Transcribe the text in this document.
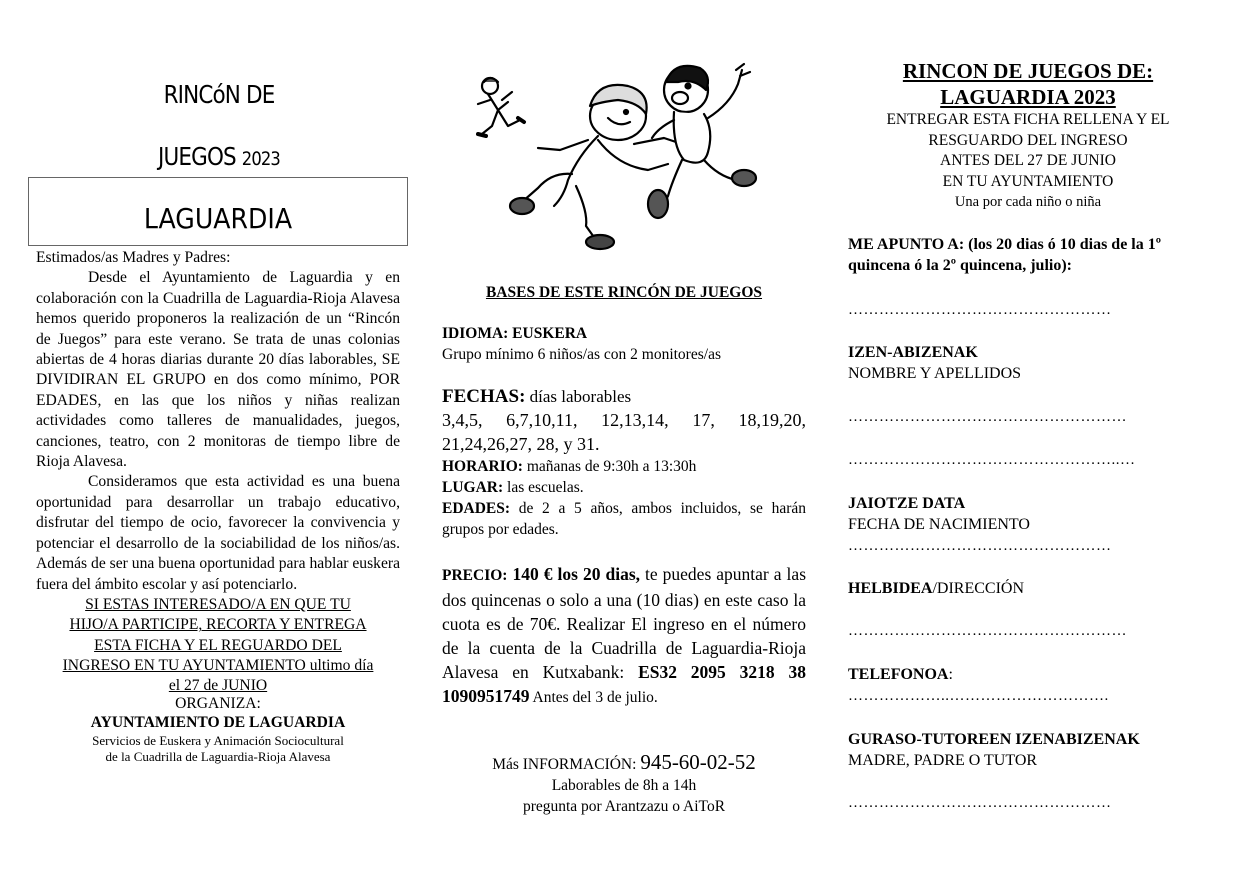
RINCóN DE
JUEGOS 2023
LAGUARDIA

Estimados/as Madres y Padres:

Desde el Ayuntamiento de Laguardia y en colaboración con la Cuadrilla de Laguardia-Rioja Alavesa hemos querido proponeros la realización de un “Rincón de Juegos” para este verano. Se trata de unas colonias abiertas de 4 horas diarias durante 20 días laborables, SE DIVIDIRAN EL GRUPO en dos como mínimo, POR EDADES, en las que los niños y niñas realizan actividades como talleres de manualidades, juegos, canciones, teatro, con 2 monitoras de tiempo libre de Rioja Alavesa.

Consideramos que esta actividad es una buena oportunidad para desarrollar un trabajo educativo, disfrutar del tiempo de ocio, favorecer la convivencia y potenciar el desarrollo de la sociabilidad de los niños/as. Además de ser una buena oportunidad para hablar euskera fuera del ámbito escolar y así potenciarlo.

SI ESTAS INTERESADO/A EN QUE TU

HIJO/A PARTICIPE, RECORTA Y ENTREGA

ESTA FICHA Y EL REGUARDO DEL

INGRESO EN TU AYUNTAMIENTO ultimo día

el 27 de JUNIO

ORGANIZA:

AYUNTAMIENTO DE LAGUARDIA

Servicios de Euskera y Animación Sociocultural

de la Cuadrilla de Laguardia-Rioja Alavesa

BASES DE ESTE RINCÓN DE JUEGOS

IDIOMA: EUSKERA

Grupo mínimo 6 niños/as con 2 monitores/as

FECHAS: días laborables

3,4,5, 6,7,10,11, 12,13,14, 17, 18,19,20, 21,24,26,27, 28, y 31.

HORARIO: mañanas de 9:30h a 13:30h

LUGAR: las escuelas.

EDADES: de 2 a 5 años, ambos incluidos, se harán grupos por edades.

PRECIO: 140 € los 20 dias, te puedes apuntar a las dos quincenas o solo a una (10 dias) en este caso la cuota es de 70€. Realizar El ingreso en el número de la cuenta de la Cuadrilla de Laguardia-Rioja Alavesa en Kutxabank: ES32 2095 3218 38 1090951749 Antes del 3 de julio.

Más INFORMACIÓN: 945-60-02-52

Laborables de 8h a 14h

pregunta por Arantzazu o AiToR

RINCON DE JUEGOS DE:
LAGUARDIA 2023
ENTREGAR ESTA FICHA RELLENA Y EL
RESGUARDO DEL INGRESO
ANTES DEL 27 DE JUNIO
EN TU AYUNTAMIENTO
Una por cada niño o niña
ME APUNTO A: (los 20 dias ó 10 dias de la 1º quincena ó la 2º quincena, julio):
……………………………………………
IZEN-ABIZENAK
NOMBRE Y APELLIDOS
………………………………………………
……………………………………………..…
JAIOTZE DATA
FECHA DE NACIMIENTO
……………………………………………
HELBIDEA/DIRECCIÓN
………………………………………………
TELEFONOA:
………………..………………………….
GURASO-TUTOREEN IZENABIZENAK
MADRE, PADRE O TUTOR
……………………………………………
